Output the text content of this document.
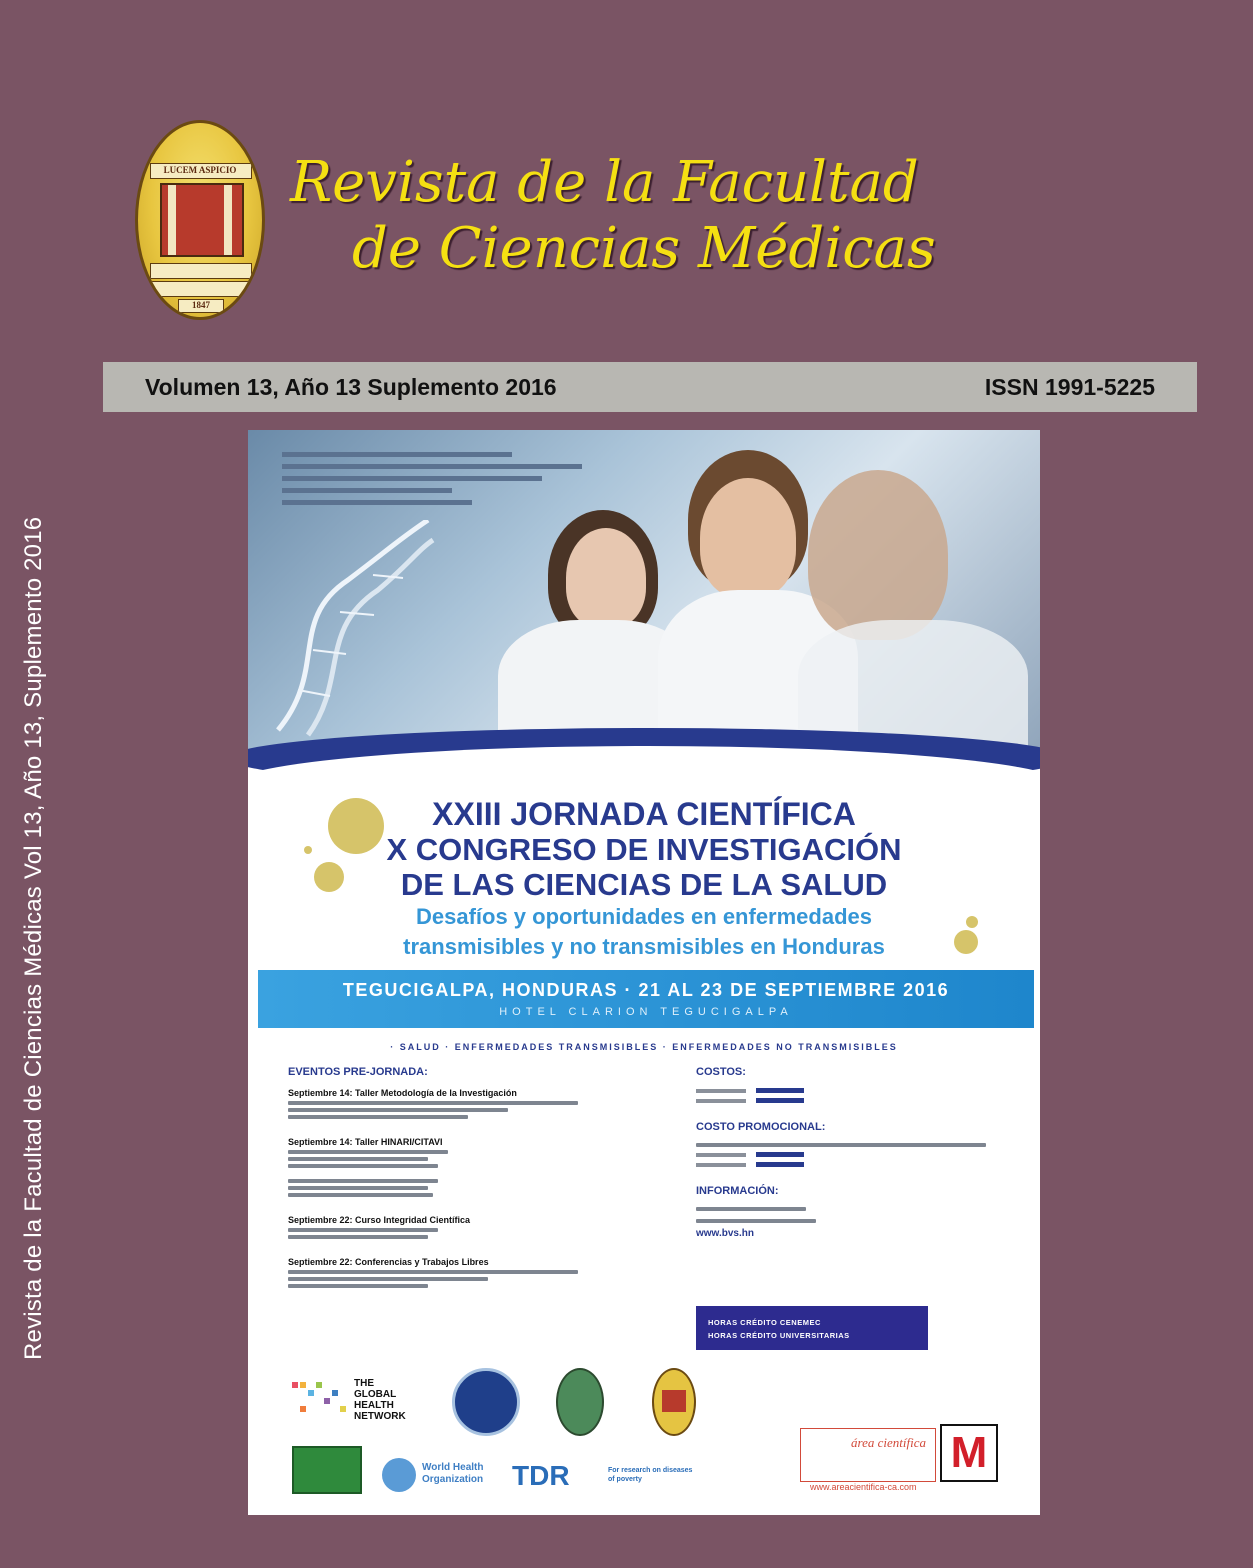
Revista de la Facultad de Ciencias Médicas Vol 13, Año 13, Suplemento 2016
LUCEM ASPICIO
1847
Revista de la Facultad
de Ciencias Médicas
Volumen 13, Año 13 Suplemento 2016	ISSN 1991-5225
XXIII JORNADA CIENTÍFICA
X CONGRESO DE INVESTIGACIÓN
DE LAS CIENCIAS DE LA SALUD
Desafíos y oportunidades en enfermedades
transmisibles y no transmisibles en Honduras
TEGUCIGALPA, HONDURAS · 21 AL 23 DE SEPTIEMBRE 2016
HOTEL CLARION TEGUCIGALPA
· SALUD · ENFERMEDADES TRANSMISIBLES · ENFERMEDADES NO TRANSMISIBLES
EVENTOS PRE-JORNADA:
Septiembre 14: Taller Metodología de la Investigación
Septiembre 14: Taller HINARI/CITAVI
Septiembre 22: Curso Integridad Científica
Septiembre 22: Conferencias y Trabajos Libres
COSTOS:
COSTO PROMOCIONAL:
INFORMACIÓN:
www.bvs.hn
HORAS CRÉDITO CENEMEC
HORAS CRÉDITO UNIVERSITARIAS
THE GLOBAL HEALTH NETWORK
World Health Organization	TDR	For research on diseases of poverty
área científica M
www.areacientifica-ca.com
